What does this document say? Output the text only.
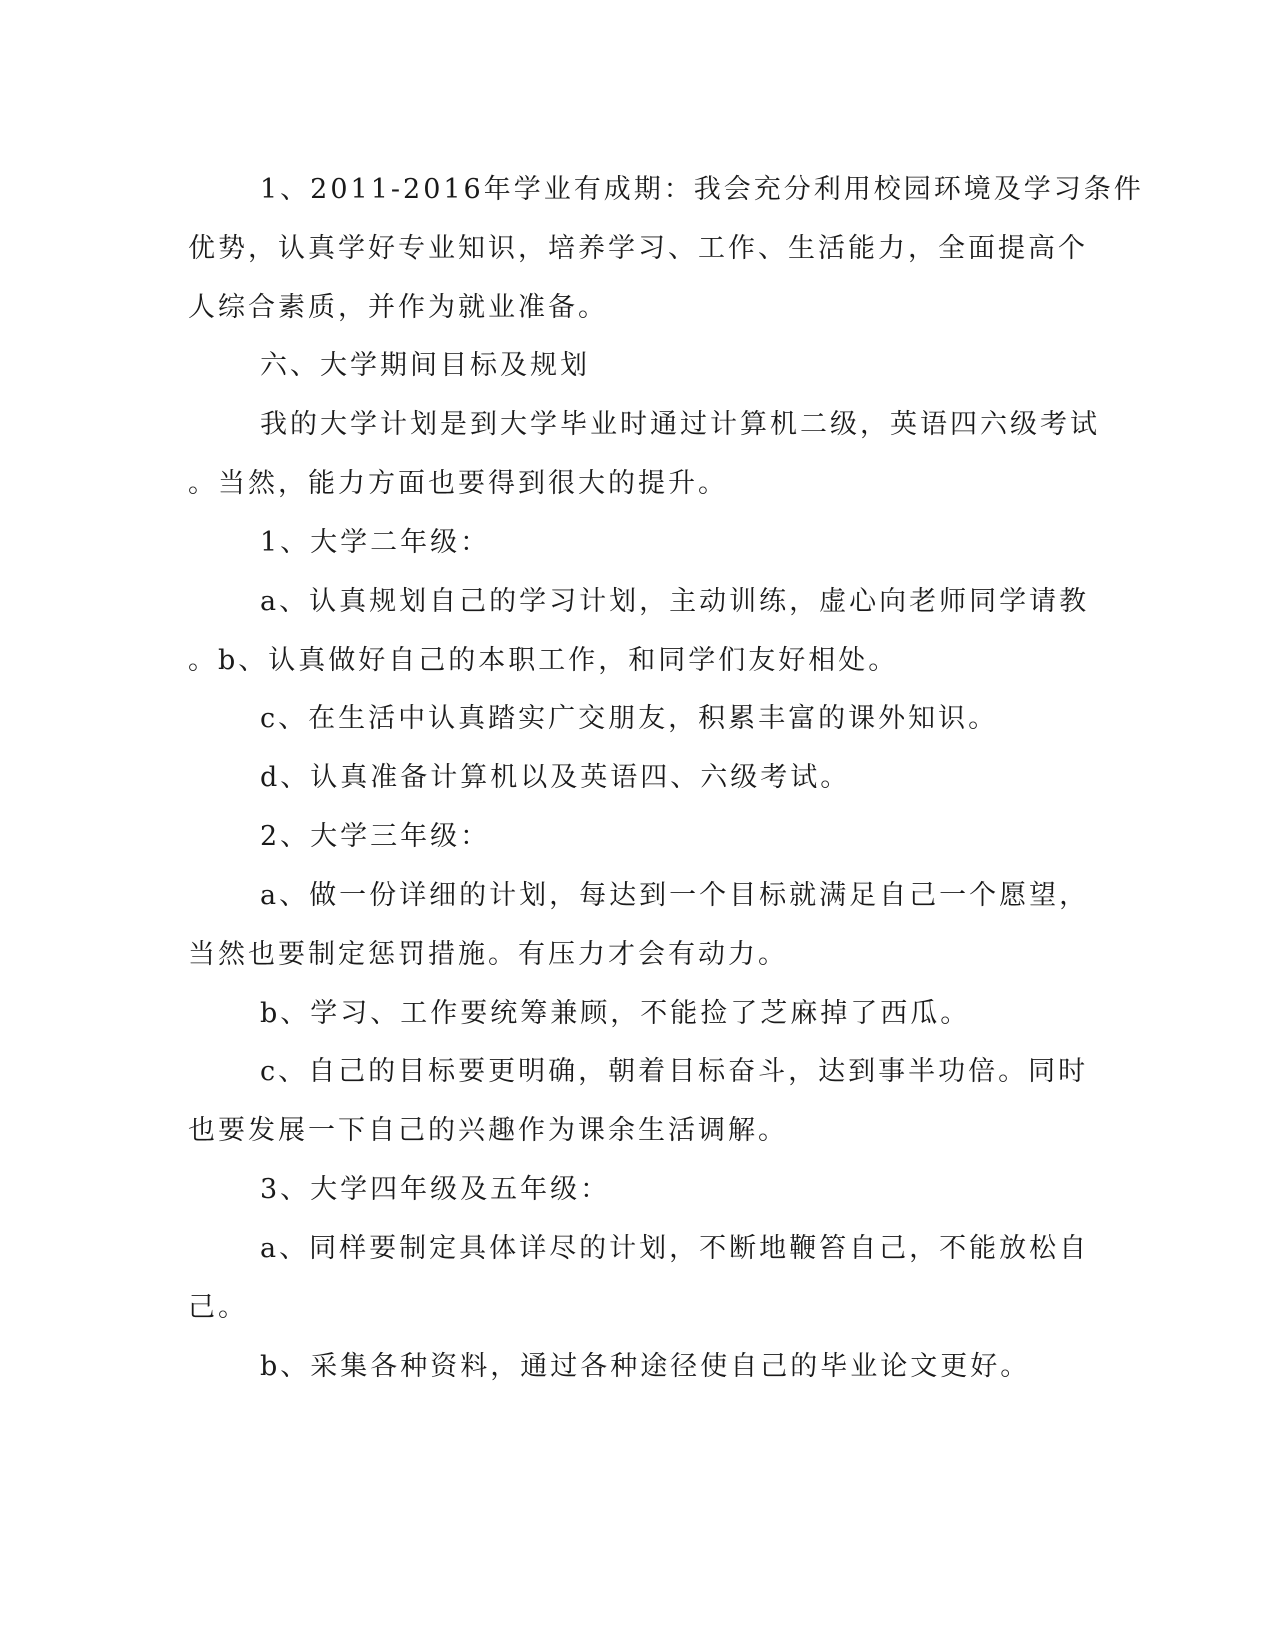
1、2011-2016年学业有成期：我会充分利用校园环境及学习条件
优势，认真学好专业知识，培养学习、工作、生活能力，全面提高个
人综合素质，并作为就业准备。
六、大学期间目标及规划
我的大学计划是到大学毕业时通过计算机二级，英语四六级考试
。当然，能力方面也要得到很大的提升。
1、大学二年级：
a、认真规划自己的学习计划，主动训练，虚心向老师同学请教
。b、认真做好自己的本职工作，和同学们友好相处。
c、在生活中认真踏实广交朋友，积累丰富的课外知识。
d、认真准备计算机以及英语四、六级考试。
2、大学三年级：
a、做一份详细的计划，每达到一个目标就满足自己一个愿望，
当然也要制定惩罚措施。有压力才会有动力。
b、学习、工作要统筹兼顾，不能捡了芝麻掉了西瓜。
c、自己的目标要更明确，朝着目标奋斗，达到事半功倍。同时
也要发展一下自己的兴趣作为课余生活调解。
3、大学四年级及五年级：
a、同样要制定具体详尽的计划，不断地鞭笞自己，不能放松自
己。
b、采集各种资料，通过各种途径使自己的毕业论文更好。
